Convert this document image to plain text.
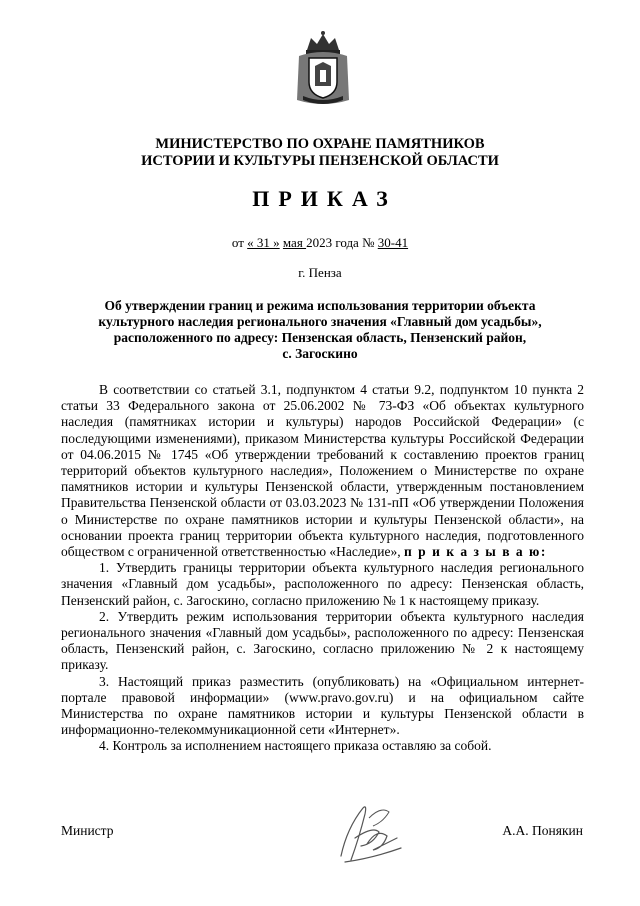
МИНИСТЕРСТВО ПО ОХРАНЕ ПАМЯТНИКОВ
ИСТОРИИ И КУЛЬТУРЫ ПЕНЗЕНСКОЙ ОБЛАСТИ
ПРИКАЗ
от « 31 » мая 2023 года № 30-41
г. Пенза
Об утверждении границ и режима использования территории объекта
культурного наследия регионального значения «Главный дом усадьбы»,
расположенного по адресу: Пензенская область, Пензенский район,
с. Загоскино

В соответствии со статьей 3.1, подпунктом 4 статьи 9.2, подпунктом 10 пункта 2 статьи 33 Федерального закона от 25.06.2002 № 73-ФЗ «Об объектах культурного наследия (памятниках истории и культуры) народов Российской Федерации» (с последующими изменениями), приказом Министерства культуры Российской Федерации от 04.06.2015 № 1745 «Об утверждении требований к составлению проектов границ территорий объектов культурного наследия», Положением о Министерстве по охране памятников истории и культуры Пензенской области, утвержденным постановлением Правительства Пензенской области от 03.03.2023 № 131-пП «Об утверждении Положения о Министерстве по охране памятников истории и культуры Пензенской области», на основании проекта границ территории объекта культурного наследия, подготовленного обществом с ограниченной ответственностью «Наследие», п р и к а з ы в а ю:

1. Утвердить границы территории объекта культурного наследия регионального значения «Главный дом усадьбы», расположенного по адресу: Пензенская область, Пензенский район, с. Загоскино, согласно приложению № 1 к настоящему приказу.

2. Утвердить режим использования территории объекта культурного наследия регионального значения «Главный дом усадьбы», расположенного по адресу: Пензенская область, Пензенский район, с. Загоскино, согласно приложению № 2 к настоящему приказу.

3. Настоящий приказ разместить (опубликовать) на «Официальном интернет-портале правовой информации» (www.pravo.gov.ru) и на официальном сайте Министерства по охране памятников истории и культуры Пензенской области в информационно-телекоммуникационной сети «Интернет».

4. Контроль за исполнением настоящего приказа оставляю за собой.

Министр	А.А. Понякин
